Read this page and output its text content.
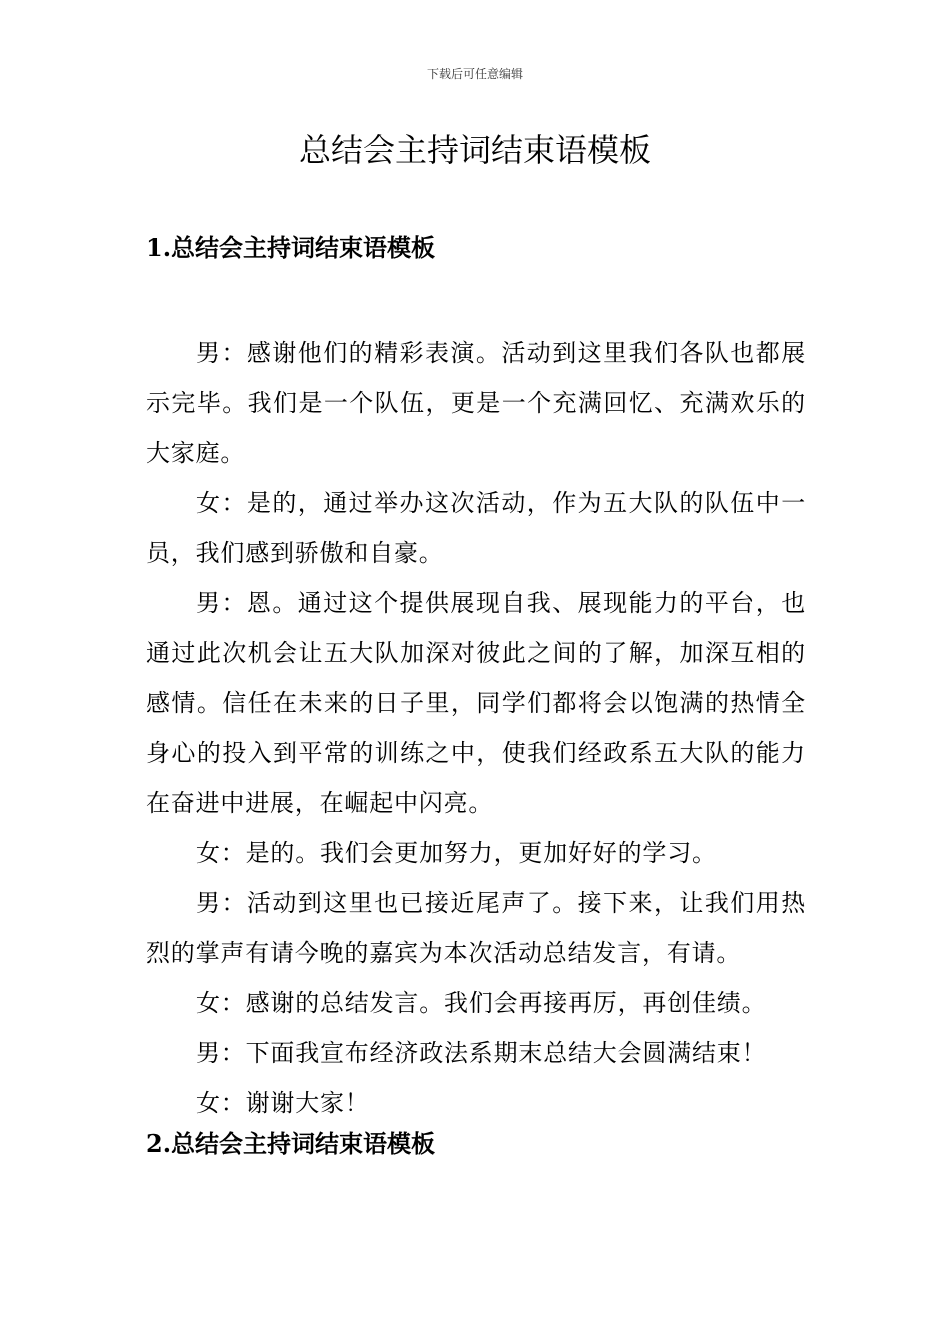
下载后可任意编辑
总结会主持词结束语模板
1.总结会主持词结束语模板

男：感谢他们的精彩表演。活动到这里我们各队也都展示完毕。我们是一个队伍，更是一个充满回忆、充满欢乐的大家庭。

女：是的，通过举办这次活动，作为五大队的队伍中一员，我们感到骄傲和自豪。

男：恩。通过这个提供展现自我、展现能力的平台，也通过此次机会让五大队加深对彼此之间的了解，加深互相的感情。信任在未来的日子里，同学们都将会以饱满的热情全身心的投入到平常的训练之中，使我们经政系五大队的能力在奋进中进展，在崛起中闪亮。

女：是的。我们会更加努力，更加好好的学习。

男：活动到这里也已接近尾声了。接下来，让我们用热烈的掌声有请今晚的嘉宾为本次活动总结发言，有请。

女：感谢的总结发言。我们会再接再厉，再创佳绩。

男：下面我宣布经济政法系期末总结大会圆满结束！

女：谢谢大家！

2.总结会主持词结束语模板
